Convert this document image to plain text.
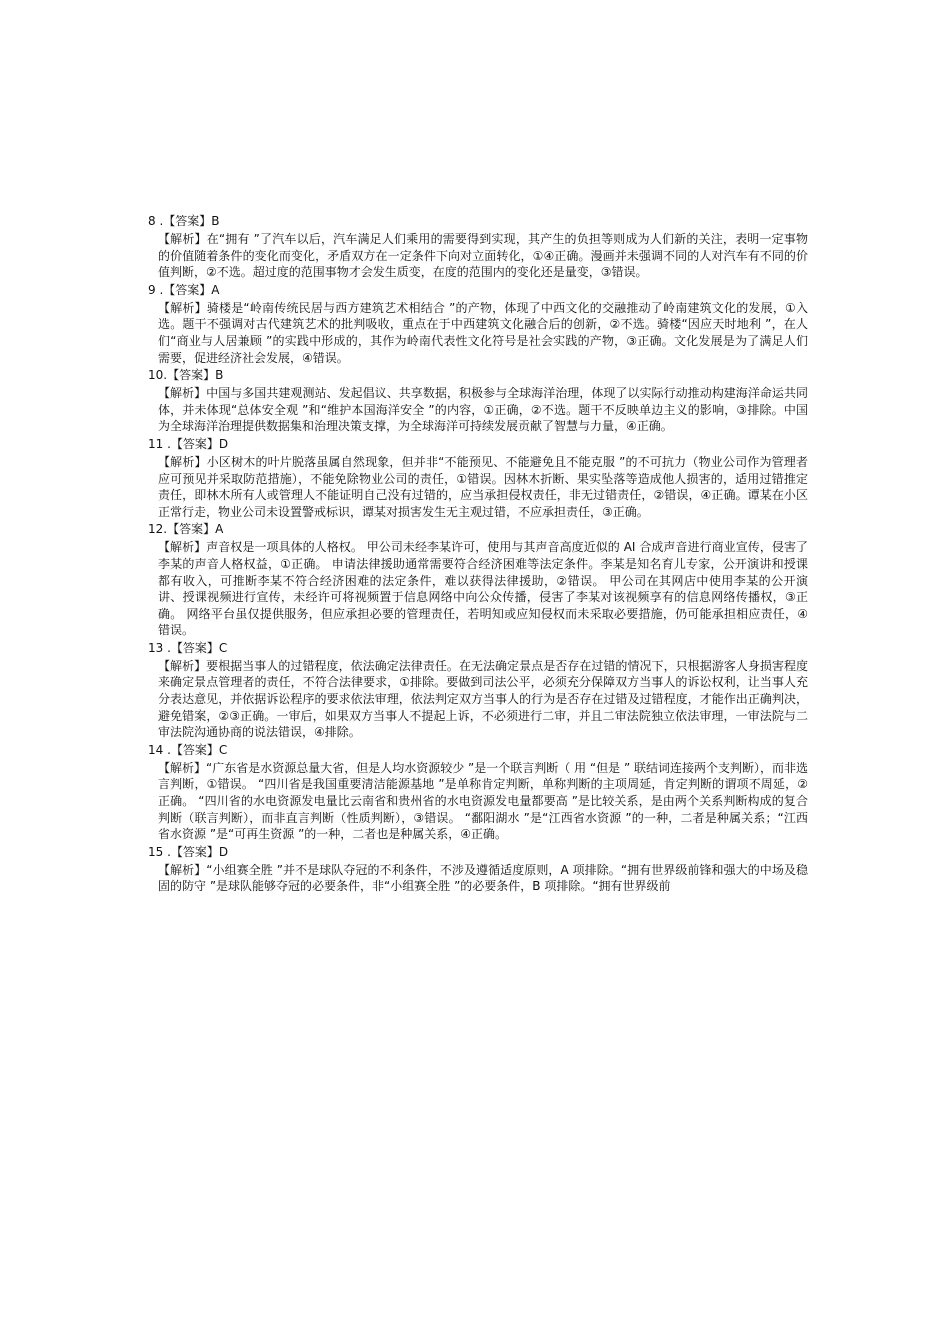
8 .【答案】B
【解析】在“拥有 ”了汽车以后，汽车满足人们乘用的需要得到实现，其产生的负担等则成为人们新的关注，表明一定事物的价值随着条件的变化而变化，矛盾双方在一定条件下向对立面转化，①④正确。漫画并未强调不同的人对汽车有不同的价值判断，②不选。超过度的范围事物才会发生质变，在度的范围内的变化还是量变，③错误。
9 .【答案】A
【解析】骑楼是“岭南传统民居与西方建筑艺术相结合 ”的产物，体现了中西文化的交融推动了岭南建筑文化的发展，①入选。题干不强调对古代建筑艺术的批判吸收，重点在于中西建筑文化融合后的创新，②不选。骑楼“因应天时地利 ”，在人们“商业与人居兼顾 ”的实践中形成的，其作为岭南代表性文化符号是社会实践的产物，③正确。文化发展是为了满足人们需要，促进经济社会发展，④错误。
10.【答案】B
【解析】中国与多国共建观测站、发起倡议、共享数据，积极参与全球海洋治理，体现了以实际行动推动构建海洋命运共同体，并未体现“总体安全观 ”和“维护本国海洋安全 ”的内容，①正确，②不选。题干不反映单边主义的影响，③排除。中国为全球海洋治理提供数据集和治理决策支撑，为全球海洋可持续发展贡献了智慧与力量，④正确。
11 .【答案】D
【解析】小区树木的叶片脱落虽属自然现象，但并非“不能预见、不能避免且不能克服 ”的不可抗力（物业公司作为管理者应可预见并采取防范措施），不能免除物业公司的责任，①错误。因林木折断、果实坠落等造成他人损害的，适用过错推定责任，即林木所有人或管理人不能证明自己没有过错的，应当承担侵权责任，非无过错责任，②错误，④正确。谭某在小区正常行走，物业公司未设置警戒标识，谭某对损害发生无主观过错，不应承担责任，③正确。
12.【答案】A
【解析】声音权是一项具体的人格权。 甲公司未经李某许可，使用与其声音高度近似的 AI 合成声音进行商业宣传，侵害了李某的声音人格权益，①正确。 申请法律援助通常需要符合经济困难等法定条件。李某是知名育儿专家，公开演讲和授课都有收入，可推断李某不符合经济困难的法定条件，难以获得法律援助，②错误。 甲公司在其网店中使用李某的公开演讲、授课视频进行宣传，未经许可将视频置于信息网络中向公众传播，侵害了李某对该视频享有的信息网络传播权，③正确。 网络平台虽仅提供服务，但应承担必要的管理责任，若明知或应知侵权而未采取必要措施，仍可能承担相应责任，④错误。
13 .【答案】C
【解析】要根据当事人的过错程度，依法确定法律责任。在无法确定景点是否存在过错的情况下，只根据游客人身损害程度来确定景点管理者的责任，不符合法律要求，①排除。要做到司法公平，必须充分保障双方当事人的诉讼权利，让当事人充分表达意见，并依据诉讼程序的要求依法审理，依法判定双方当事人的行为是否存在过错及过错程度，才能作出正确判决，避免错案，②③正确。一审后，如果双方当事人不提起上诉，不必须进行二审，并且二审法院独立依法审理，一审法院与二审法院沟通协商的说法错误，④排除。
14 .【答案】C
【解析】“广东省是水资源总量大省，但是人均水资源较少 ”是一个联言判断（ 用 “但是 ” 联结词连接两个支判断），而非选言判断，①错误。 “四川省是我国重要清洁能源基地 ”是单称肯定判断，单称判断的主项周延，肯定判断的谓项不周延，②正确。 “四川省的水电资源发电量比云南省和贵州省的水电资源发电量都要高 ”是比较关系，是由两个关系判断构成的复合判断（联言判断），而非直言判断（性质判断），③错误。 “鄱阳湖水 ”是“江西省水资源 ”的一种，二者是种属关系；“江西省水资源 ”是“可再生资源 ”的一种，二者也是种属关系，④正确。
15 .【答案】D
【解析】“小组赛全胜 ”并不是球队夺冠的不利条件，不涉及遵循适度原则，A 项排除。“拥有世界级前锋和强大的中场及稳固的防守 ”是球队能够夺冠的必要条件，非“小组赛全胜 ”的必要条件，B 项排除。“拥有世界级前
